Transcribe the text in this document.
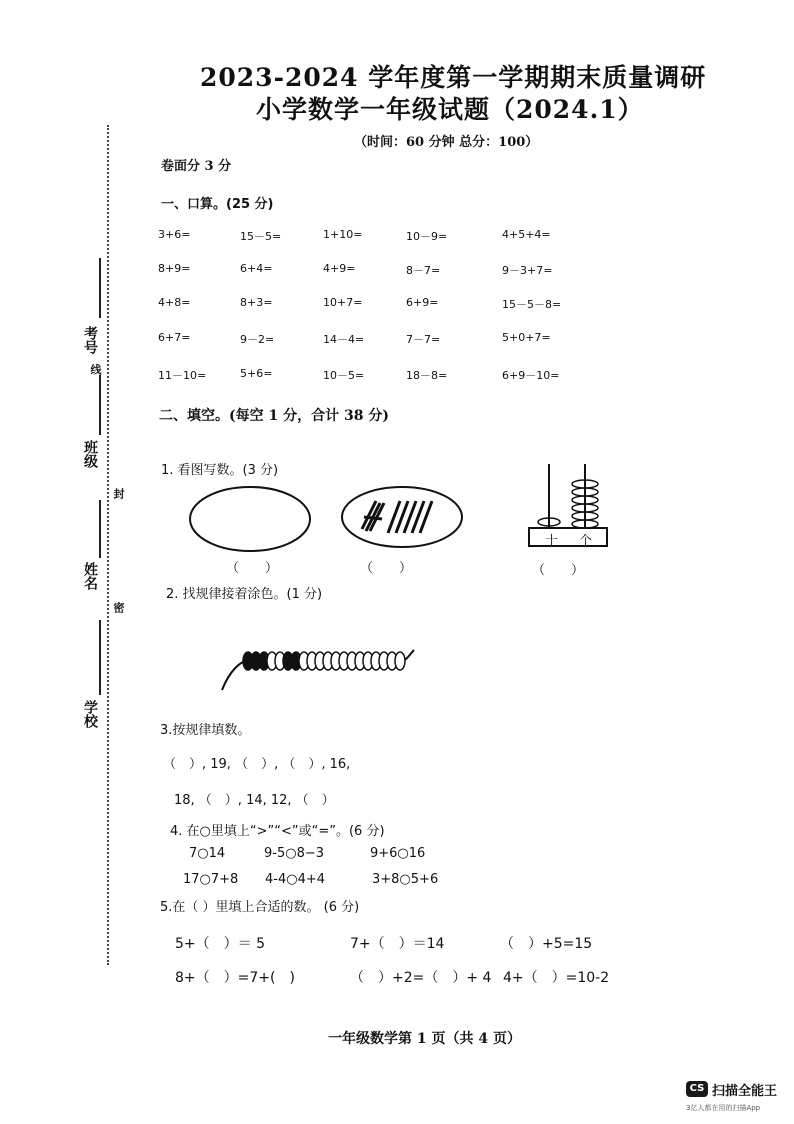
2023-2024 学年度第一学期期末质量调研
小学数学一年级试题（2024.1）
（时间：60 分钟 总分：100）
考号
班级
姓名
学校
线
封
密
卷面分 3 分
一、口算。(25 分)
3+6=	15－5=	1+10=	10－9=	4+5+4=
8+9=	6+4=	4+9=	8－7=	9－3+7=
4+8=	8+3=	10+7=	6+9=	15－5－8=
6+7=	9－2=	14－4=	7－7=	5+0+7=
11－10=	5+6=	10－5=	18－8=	6+9－10=
二、填空。(每空 1 分，合计 38 分)
1. 看图写数。(3 分)
十 个
（　　）	（　　）	（　　）
2. 找规律接着涂色。(1 分)
3.按规律填数。
（　）, 19, （　）, （　）, 16,
18, （　）, 14, 12, （　）
4. 在○里填上“>”“<”或“=”。(6 分)
7○14	9-5○8−3	9+6○16
17○7+8 4-4○4+4	3+8○5+6
5.在（ ）里填上合适的数。 (6 分)
5+（　）＝ 5	7+（　）＝14	（　）+5=15
8+（　）=7+(　)	（　）+2=（　）+ 4 4+（　）=10-2
一年级数学第 1 页（共 4 页）
CS 扫描全能王
3亿人都在用的扫描App
